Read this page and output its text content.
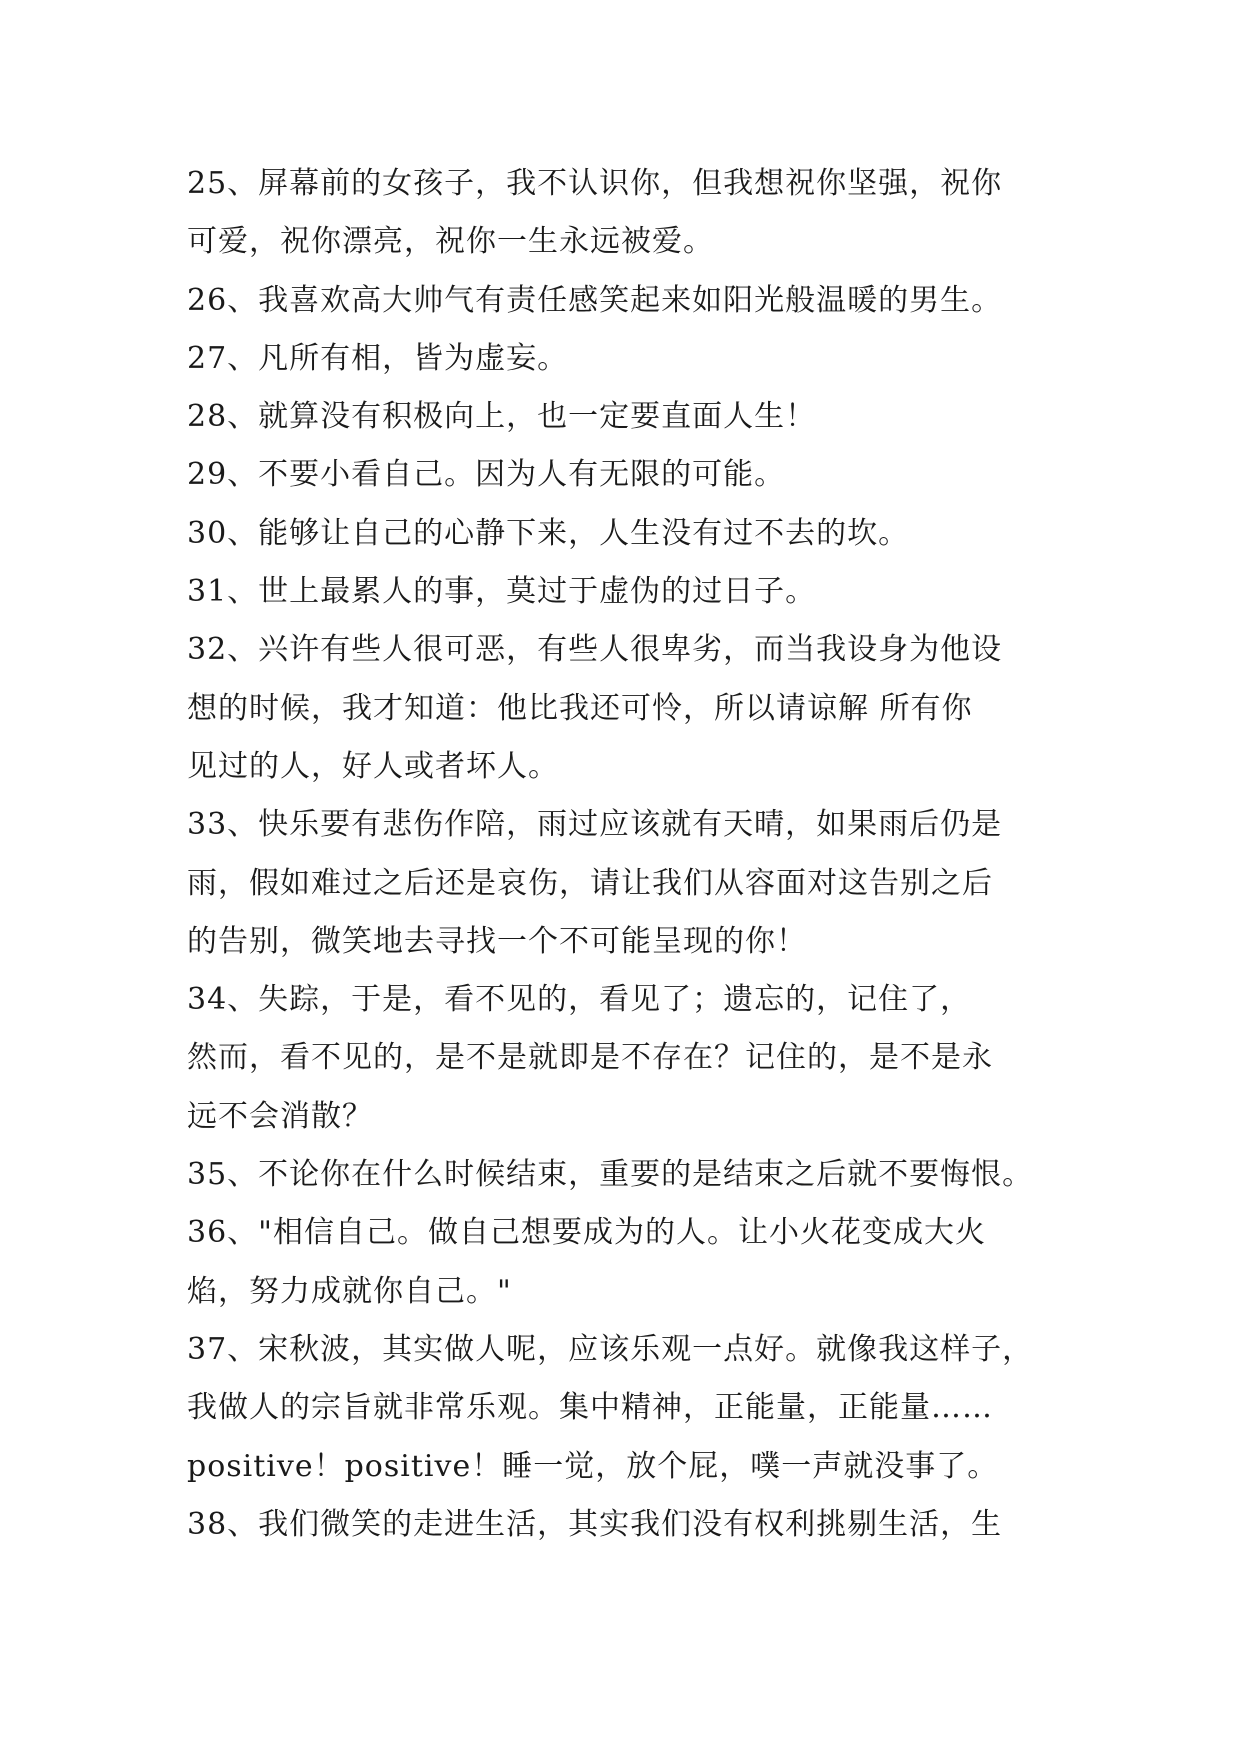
25、屏幕前的女孩子，我不认识你，但我想祝你坚强，祝你
可爱，祝你漂亮，祝你一生永远被爱。
26、我喜欢高大帅气有责任感笑起来如阳光般温暖的男生。
27、凡所有相，皆为虚妄。
28、就算没有积极向上，也一定要直面人生！
29、不要小看自己。因为人有无限的可能。
30、能够让自己的心静下来，人生没有过不去的坎。
31、世上最累人的事，莫过于虚伪的过日子。
32、兴许有些人很可恶，有些人很卑劣，而当我设身为他设
想的时候，我才知道：他比我还可怜，所以请谅解 所有你
见过的人，好人或者坏人。
33、快乐要有悲伤作陪，雨过应该就有天晴，如果雨后仍是
雨，假如难过之后还是哀伤，请让我们从容面对这告别之后
的告别，微笑地去寻找一个不可能呈现的你！
34、失踪，于是，看不见的，看见了；遗忘的，记住了，
然而，看不见的，是不是就即是不存在？记住的，是不是永
远不会消散？
35、不论你在什么时候结束，重要的是结束之后就不要悔恨。
36、"相信自己。做自己想要成为的人。让小火花变成大火
焰，努力成就你自己。"
37、宋秋波，其实做人呢，应该乐观一点好。就像我这样子，
我做人的宗旨就非常乐观。集中精神，正能量，正能量……
positive！positive！睡一觉，放个屁，噗一声就没事了。
38、我们微笑的走进生活，其实我们没有权利挑剔生活，生
